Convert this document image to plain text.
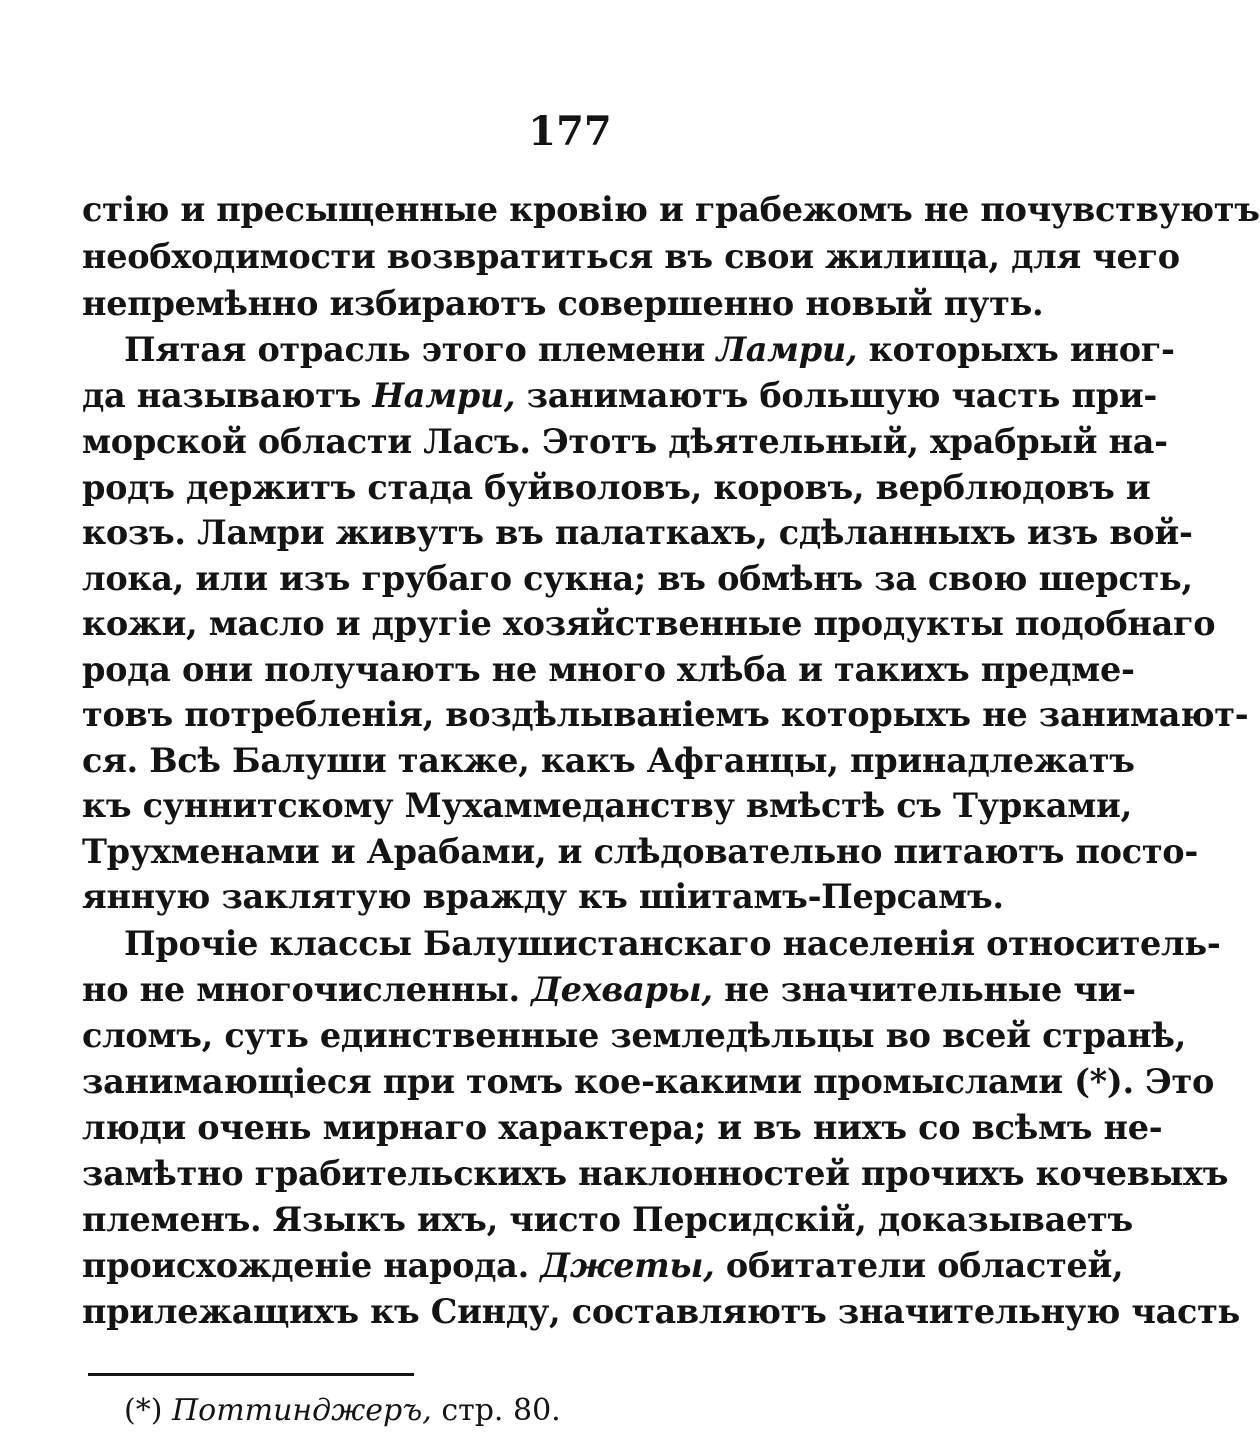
177
стію и пресыщенные кровію и грабежомъ не почувствуютъ
необходимости возвратиться въ свои жилища, для чего
непремѣнно избираютъ совершенно новый путь.
Пятая отрасль этого племени Ламри, которыхъ иног-
да называютъ Намри, занимаютъ большую часть при-
морской области Ласъ. Этотъ дѣятельный, храбрый на-
родъ держитъ стада буйволовъ, коровъ, верблюдовъ и
козъ. Ламри живутъ въ палаткахъ, сдѣланныхъ изъ вой-
лока, или изъ грубаго сукна; въ обмѣнъ за свою шерсть,
кожи, масло и другіе хозяйственные продукты подобнаго
рода они получаютъ не много хлѣба и такихъ предме-
товъ потребленія, воздѣлываніемъ которыхъ не занимают-
ся. Всѣ Балуши также, какъ Афганцы, принадлежатъ
къ суннитскому Мухаммеданству вмѣстѣ съ Турками,
Трухменами и Арабами, и слѣдовательно питаютъ посто-
янную заклятую вражду къ шіитамъ-Персамъ.
Прочіе классы Балушистанскаго населенія относитель-
но не многочисленны. Дехвары, не значительные чи-
сломъ, суть единственные земледѣльцы во всей странѣ,
занимающіеся при томъ кое-какими промыслами (*). Это
люди очень мирнаго характера; и въ нихъ со всѣмъ не-
замѣтно грабительскихъ наклонностей прочихъ кочевыхъ
племенъ. Языкъ ихъ, чисто Персидскій, доказываетъ
происхожденіе народа. Джеты, обитатели областей,
прилежащихъ къ Синду, составляютъ значительную часть
(*) Поттинджеръ, стр. 80.
